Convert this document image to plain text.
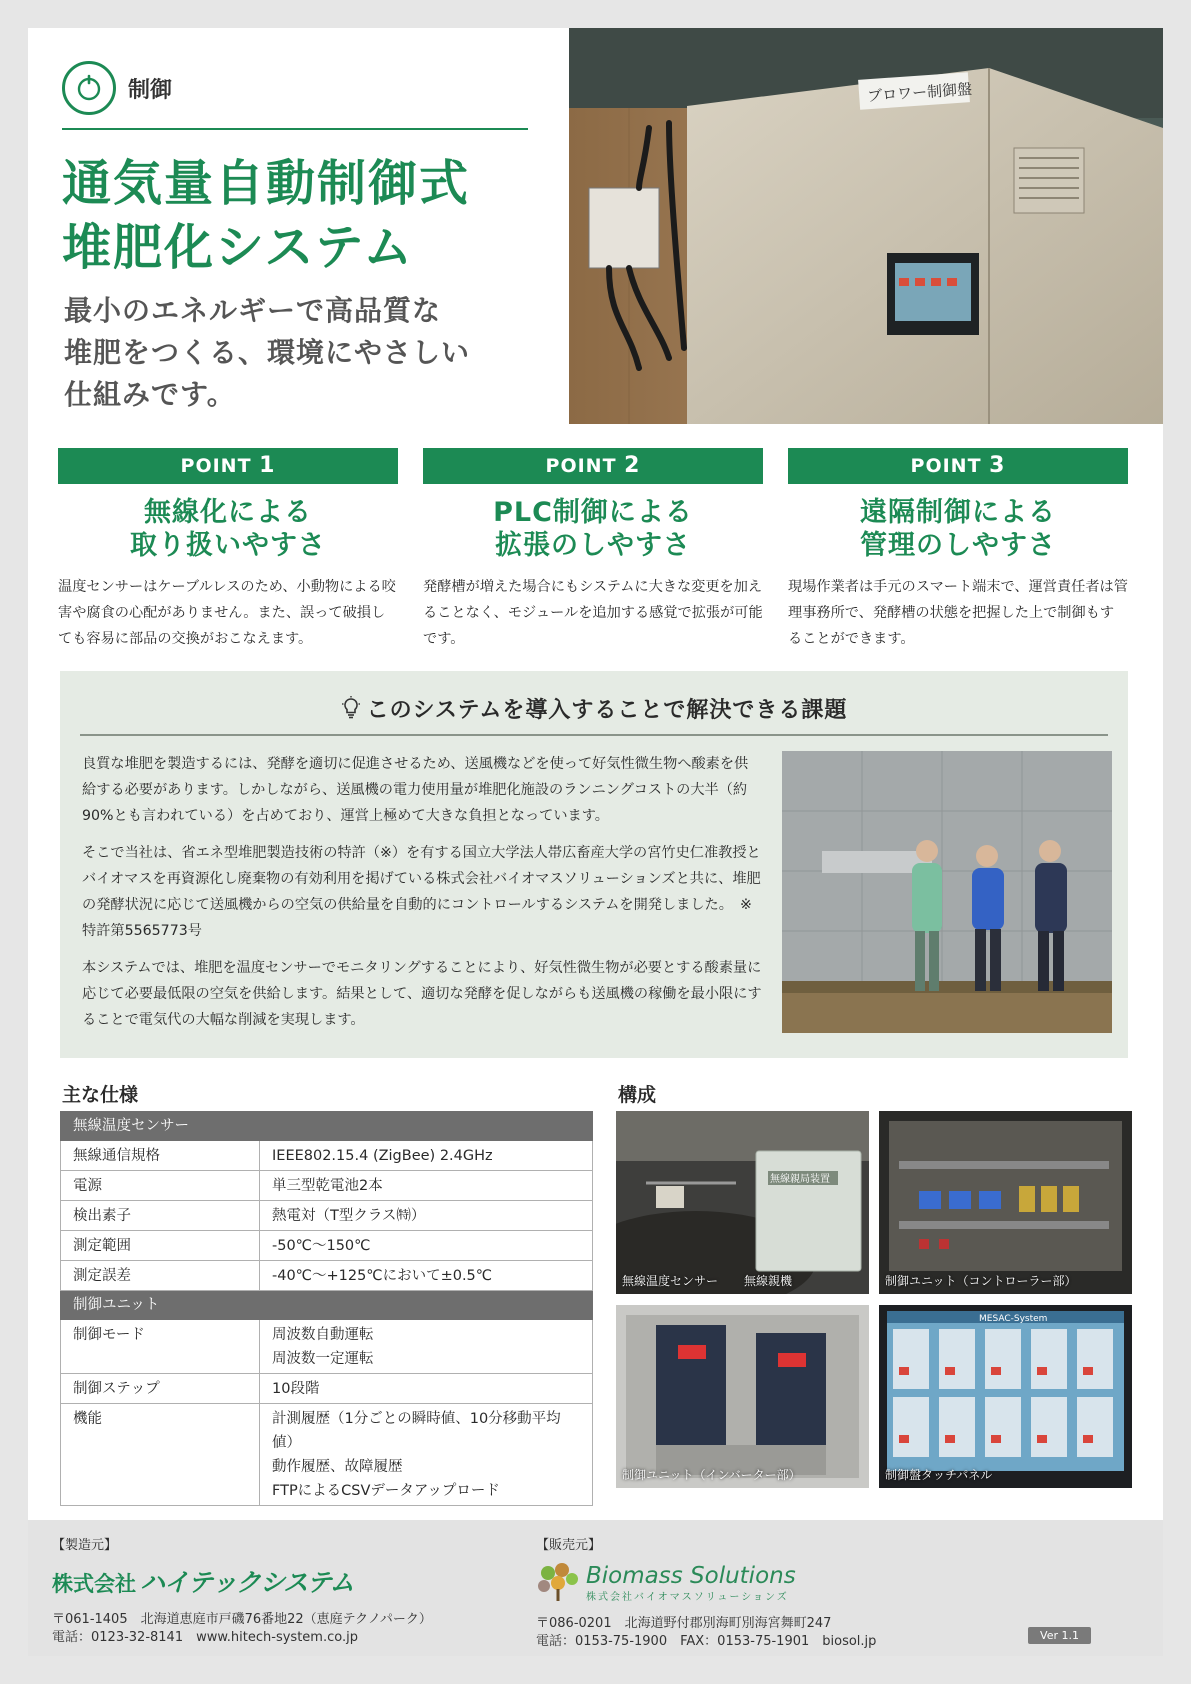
制御
通気量自動制御式
堆肥化システム
最小のエネルギーで高品質な
堆肥をつくる、環境にやさしい
仕組みです。
ブロワー制御盤
POINT 1
無線化による
取り扱いやすさ
温度センサーはケーブルレスのため、小動物による咬害や腐食の心配がありません。また、誤って破損しても容易に部品の交換がおこなえます。
POINT 2
PLC制御による
拡張のしやすさ
発酵槽が増えた場合にもシステムに大きな変更を加えることなく、モジュールを追加する感覚で拡張が可能です。
POINT 3
遠隔制御による
管理のしやすさ
現場作業者は手元のスマート端末で、運営責任者は管理事務所で、発酵槽の状態を把握した上で制御もすることができます。
このシステムを導入することで解決できる課題

良質な堆肥を製造するには、発酵を適切に促進させるため、送風機などを使って好気性微生物へ酸素を供給する必要があります。しかしながら、送風機の電力使用量が堆肥化施設のランニングコストの大半（約90%とも言われている）を占めており、運営上極めて大きな負担となっています。

そこで当社は、省エネ型堆肥製造技術の特許（※）を有する国立大学法人帯広畜産大学の宮竹史仁准教授とバイオマスを再資源化し廃棄物の有効利用を掲げている株式会社バイオマスソリューションズと共に、堆肥の発酵状況に応じて送風機からの空気の供給量を自動的にコントロールするシステムを開発しました。　※特許第5565773号

本システムでは、堆肥を温度センサーでモニタリングすることにより、好気性微生物が必要とする酸素量に応じて必要最低限の空気を供給します。結果として、適切な発酵を促しながらも送風機の稼働を最小限にすることで電気代の大幅な削減を実現します。

主な仕様
無線温度センサー	
無線通信規格	IEEE802.15.4 (ZigBee) 2.4GHz
電源	単三型乾電池2本
検出素子	熱電対（T型クラス㈵）
測定範囲	-50℃〜150℃
測定誤差	-40℃〜+125℃において±0.5℃
制御ユニット	
制御モード	周波数自動運転
周波数一定運転

制御ステップ	10段階
機能	計測履歴（1分ごとの瞬時値、10分移動平均値）
動作履歴、故障履歴
FTPによるCSVデータアップロード
構成
無線親局装置
無線温度センサー 無線親機	制御ユニット（コントローラー部）
制御ユニット（インバーター部）
MESAC-System
制御盤タッチパネル
【製造元】
株式会社 ハイテックシステム
〒061-1405　北海道恵庭市戸磯76番地22（恵庭テクノパーク）
電話：0123-32-8141　www.hitech-system.co.jp
【販売元】
Biomass Solutions
株式会社バイオマスソリューションズ
〒086-0201　北海道野付郡別海町別海宮舞町247
電話：0153-75-1900　FAX：0153-75-1901　biosol.jp	Ver 1.1
